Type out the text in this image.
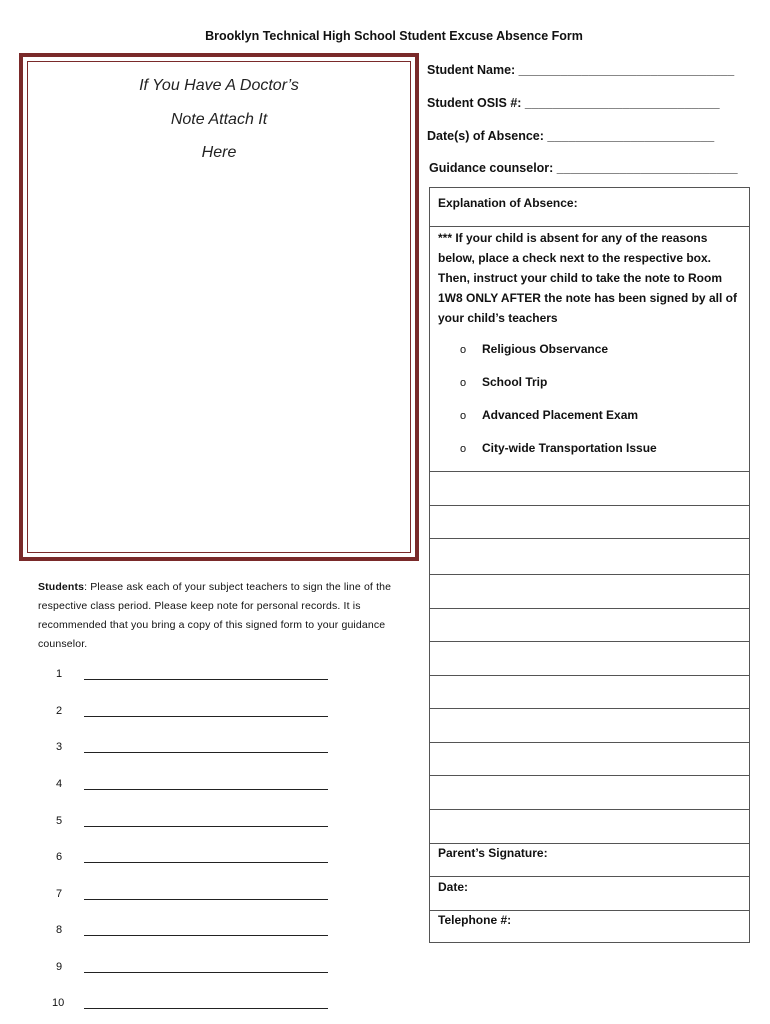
Brooklyn Technical High School Student Excuse Absence Form
If You Have A Doctor’s
Note Attach It
Here
Student Name: _______________________________
Student OSIS #: ____________________________
Date(s) of Absence: ________________________
Guidance counselor: __________________________
Explanation of Absence:
*** If your child is absent for any of the reasons below, place a check next to the respective box. Then, instruct your child to take the note to Room 1W8 ONLY AFTER the note has been signed by all of your child’s teachers
o Religious Observance
o School Trip
o Advanced Placement Exam
o City-wide Transportation Issue
Parent’s Signature:
Date:
Telephone #:
Students: Please ask each of your subject teachers to sign the line of the respective class period. Please keep note for personal records. It is recommended that you bring a copy of this signed form to your guidance counselor.
1
2
3
4
5
6
7
8
9
10
